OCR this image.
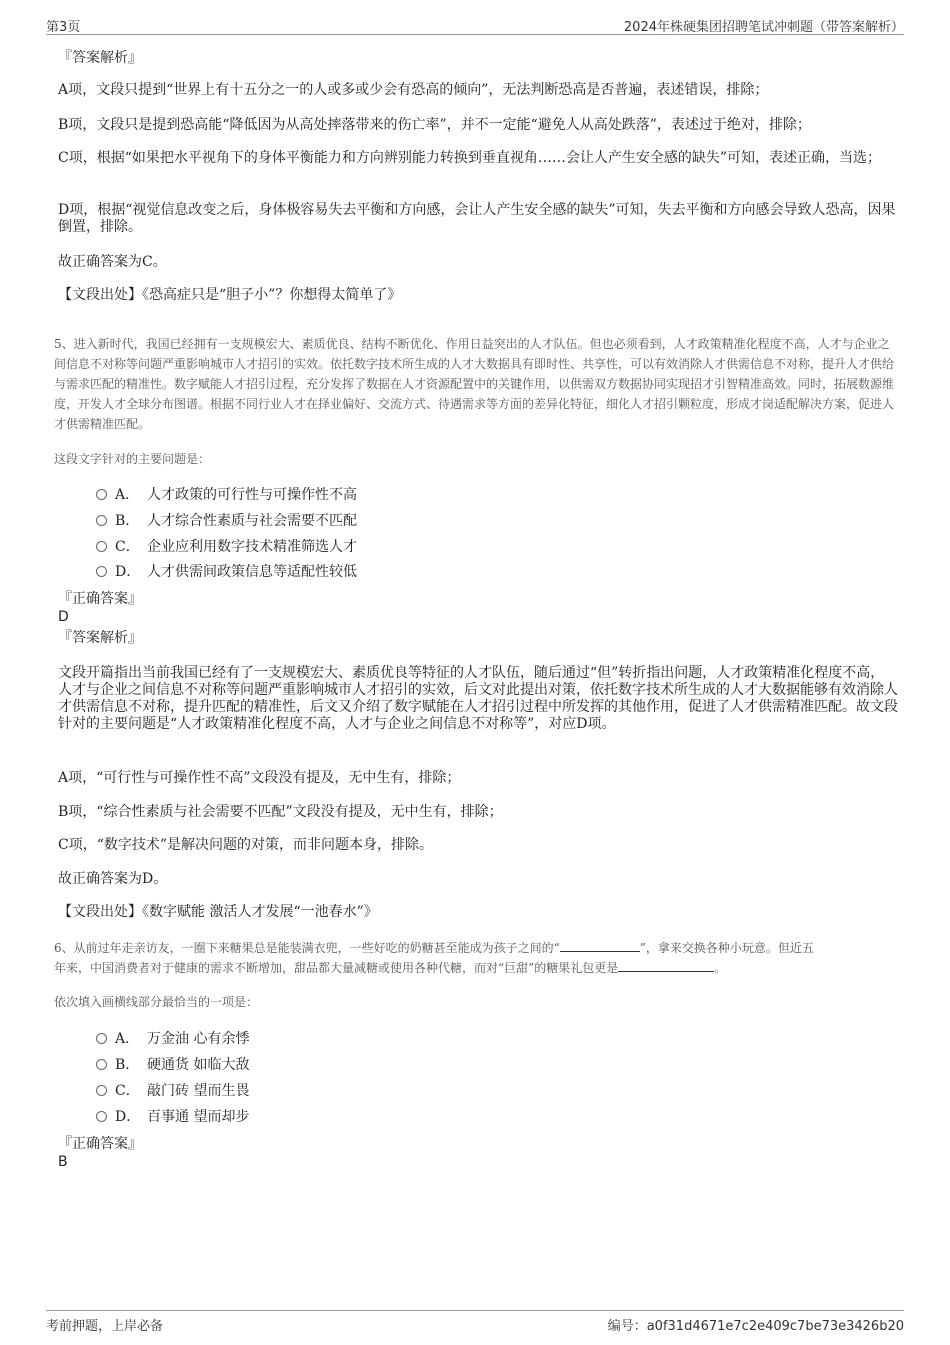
第3页	2024年株硬集团招聘笔试冲刺题（带答案解析）
『答案解析』
A项，文段只提到“世界上有十五分之一的人或多或少会有恐高的倾向”，无法判断恐高是否普遍，表述错误，排除；
B项，文段只是提到恐高能“降低因为从高处摔落带来的伤亡率”，并不一定能“避免人从高处跌落”，表述过于绝对，排除；
C项，根据“如果把水平视角下的身体平衡能力和方向辨别能力转换到垂直视角……会让人产生安全感的缺失”可知，表述正确，当选；
D项，根据“视觉信息改变之后，身体极容易失去平衡和方向感，会让人产生安全感的缺失”可知，失去平衡和方向感会导致人恐高，因果倒置，排除。
故正确答案为C。
【文段出处】《恐高症只是“胆子小”？你想得太简单了》
5、进入新时代，我国已经拥有一支规模宏大、素质优良、结构不断优化、作用日益突出的人才队伍。但也必须看到，人才政策精准化程度不高，人才与企业之间信息不对称等问题严重影响城市人才招引的实效。依托数字技术所生成的人才大数据具有即时性、共享性，可以有效消除人才供需信息不对称，提升人才供给与需求匹配的精准性。数字赋能人才招引过程，充分发挥了数据在人才资源配置中的关键作用，以供需双方数据协同实现招才引智精准高效。同时，拓展数源维度，开发人才全球分布图谱。根据不同行业人才在择业偏好、交流方式、待遇需求等方面的差异化特征，细化人才招引颗粒度，形成才岗适配解决方案，促进人才供需精准匹配。
这段文字针对的主要问题是：
A． 人才政策的可行性与可操作性不高
B． 人才综合性素质与社会需要不匹配
C． 企业应利用数字技术精准筛选人才
D． 人才供需间政策信息等适配性较低
『正确答案』
D
『答案解析』
文段开篇指出当前我国已经有了一支规模宏大、素质优良等特征的人才队伍，随后通过“但”转折指出问题，人才政策精准化程度不高，人才与企业之间信息不对称等问题严重影响城市人才招引的实效，后文对此提出对策，依托数字技术所生成的人才大数据能够有效消除人才供需信息不对称，提升匹配的精准性，后文又介绍了数字赋能在人才招引过程中所发挥的其他作用，促进了人才供需精准匹配。故文段针对的主要问题是“人才政策精准化程度不高，人才与企业之间信息不对称等”，对应D项。
A项，“可行性与可操作性不高”文段没有提及，无中生有，排除；
B项，“综合性素质与社会需要不匹配”文段没有提及，无中生有，排除；
C项，“数字技术”是解决问题的对策，而非问题本身，排除。
故正确答案为D。
【文段出处】《数字赋能 激活人才发展“一池春水”》
6、从前过年走亲访友，一圈下来糖果总是能装满衣兜，一些好吃的奶糖甚至能成为孩子之间的“	”，拿来交换各种小玩意。但近五
年来，中国消费者对于健康的需求不断增加，甜品都大量减糖或使用各种代糖，而对“巨甜”的糖果礼包更是	。
依次填入画横线部分最恰当的一项是：
A． 万金油 心有余悸
B． 硬通货 如临大敌
C． 敲门砖 望而生畏
D． 百事通 望而却步
『正确答案』
B
考前押题，上岸必备	编号：a0f31d4671e7c2e409c7be73e3426b20
